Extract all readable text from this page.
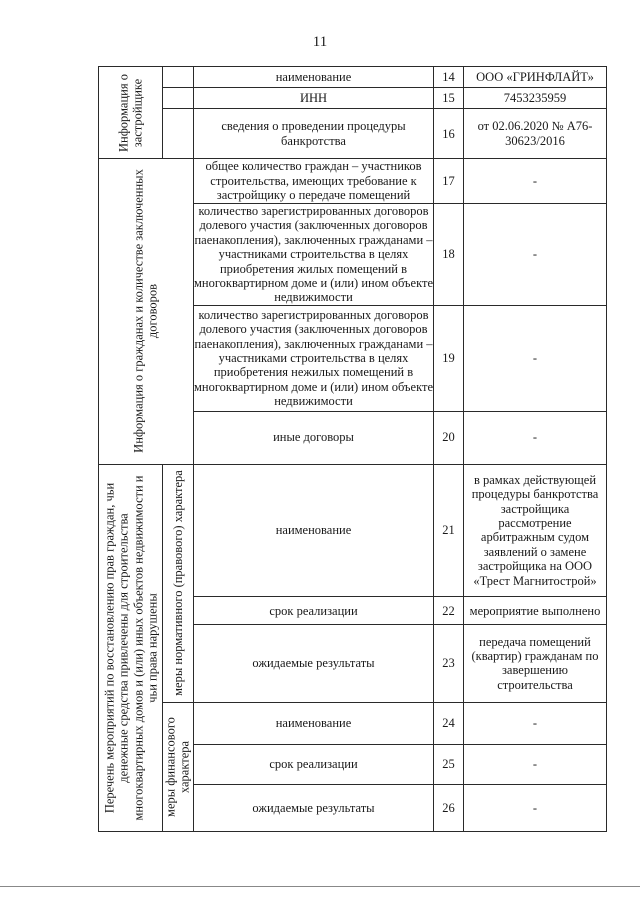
11
Информация о застройщике		наименование	14	ООО «ГРИНФЛАЙТ»
		ИНН	15	7453235959
		сведения о проведении процедуры банкротства	16	от 02.06.2020 № А76-30623/2016

Информация о гражданах и количестве заключенных договоров		общее количество граждан – участников строительства, имеющих требование к застройщику о передаче помещений	17	-
		количество зарегистрированных договоров долевого участия (заключенных договоров паенакопления), заключенных гражданами – участниками строительства в целях приобретения жилых помещений в многоквартирном доме и (или) ином объекте недвижимости	18	-
		количество зарегистрированных договоров долевого участия (заключенных договоров паенакопления), заключенных гражданами – участниками строительства в целях приобретения нежилых помещений в многоквартирном доме и (или) ином объекте недвижимости	19	-
		иные договоры	20	-

Перечень мероприятий по восстановлению прав граждан, чьи денежные средства привлечены для строительства многоквартирных домов и (или) иных объектов недвижимости и чьи права нарушены	меры нормативного (правового) характера	наименование	21	в рамках действующей процедуры банкротства застройщика рассмотрение арбитражным судом заявлений о замене застройщика на ООО «Трест Магнитострой»
		срок реализации	22	мероприятие выполнено
		ожидаемые результаты	23	передача помещений (квартир) гражданам по завершению строительства

	меры финансового характера	наименование	24	-
		срок реализации	25	-
		ожидаемые результаты	26	-
